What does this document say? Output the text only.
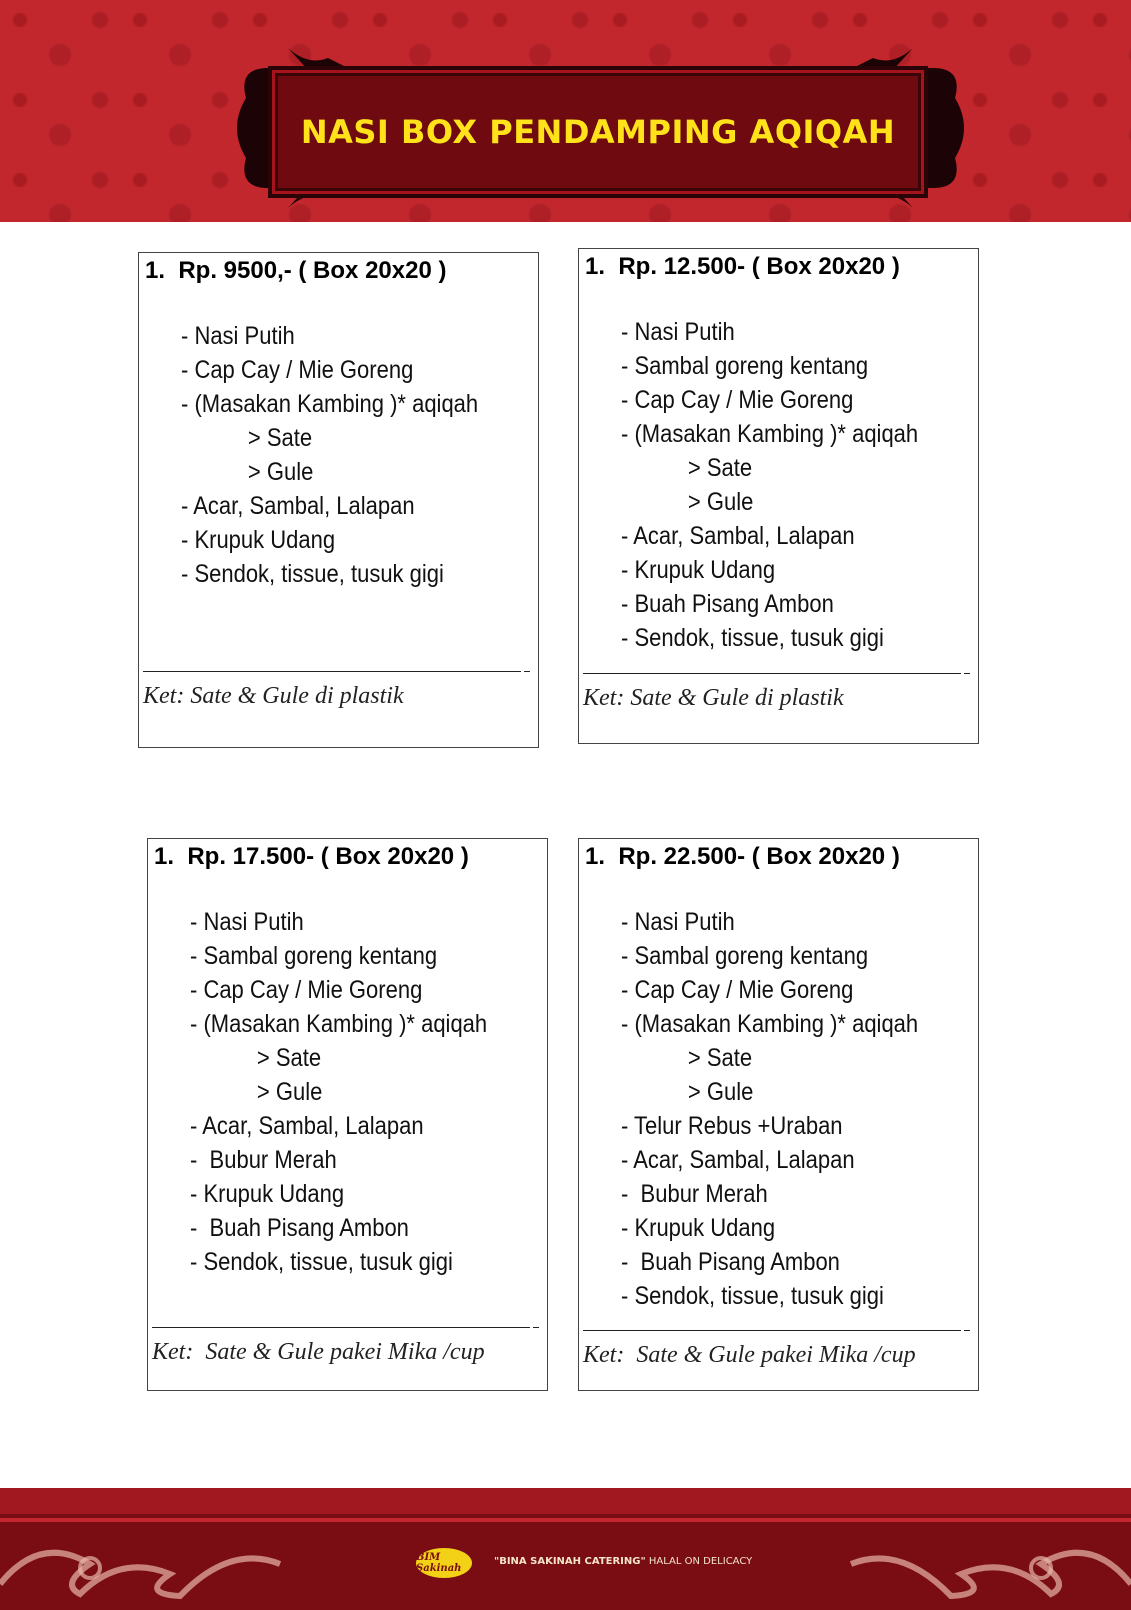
NASI BOX PENDAMPING AQIQAH
1.  Rp. 9500,- ( Box 20x20 )
- Nasi Putih
- Cap Cay / Mie Goreng
- (Masakan Kambing )* aqiqah
> Sate
> Gule
- Acar, Sambal, Lalapan
- Krupuk Udang
- Sendok, tissue, tusuk gigi
Ket: Sate & Gule di plastik
1.  Rp. 12.500- ( Box 20x20 )
- Nasi Putih
- Sambal goreng kentang
- Cap Cay / Mie Goreng
- (Masakan Kambing )* aqiqah
> Sate
> Gule
- Acar, Sambal, Lalapan
- Krupuk Udang
- Buah Pisang Ambon
- Sendok, tissue, tusuk gigi
Ket: Sate & Gule di plastik
1.  Rp. 17.500- ( Box 20x20 )
- Nasi Putih
- Sambal goreng kentang
- Cap Cay / Mie Goreng
- (Masakan Kambing )* aqiqah
> Sate
> Gule
- Acar, Sambal, Lalapan
-  Bubur Merah
- Krupuk Udang
-  Buah Pisang Ambon
- Sendok, tissue, tusuk gigi
Ket:  Sate & Gule pakei Mika /cup
1.  Rp. 22.500- ( Box 20x20 )
- Nasi Putih
- Sambal goreng kentang
- Cap Cay / Mie Goreng
- (Masakan Kambing )* aqiqah
> Sate
> Gule
- Telur Rebus +Uraban
- Acar, Sambal, Lalapan
-  Bubur Merah
- Krupuk Udang
-  Buah Pisang Ambon
- Sendok, tissue, tusuk gigi
Ket:  Sate & Gule pakei Mika /cup
BIM Sakinah
"BINA SAKINAH CATERING" HALAL ON DELICACY
